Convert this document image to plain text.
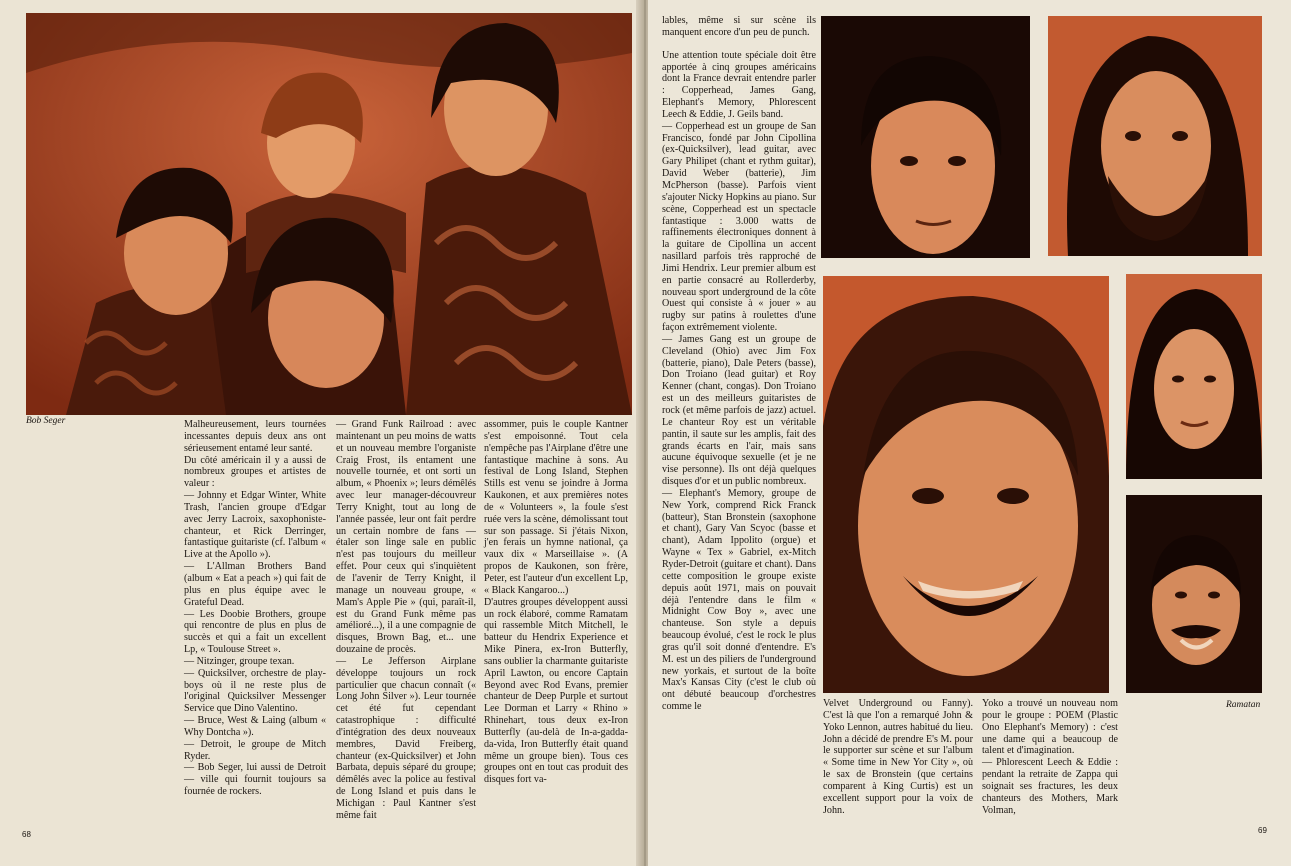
Bob Seger	Malheureusement, leurs tournées incessantes depuis deux ans ont sérieusement entamé leur santé.

Du côté américain il y a aussi de nombreux groupes et artistes de valeur :

— Johnny et Edgar Winter, White Trash, l'ancien groupe d'Edgar avec Jerry Lacroix, saxophoniste-chanteur, et Rick Derringer, fantastique guitariste (cf. l'album « Live at the Apollo »).

— L'Allman Brothers Band (album « Eat a peach ») qui fait de plus en plus équipe avec le Grateful Dead.

— Les Doobie Brothers, groupe qui rencontre de plus en plus de succès et qui a fait un excellent Lp, « Toulouse Street ».

— Nitzinger, groupe texan.

— Quicksilver, orchestre de play-boys où il ne reste plus de l'original Quicksilver Messenger Service que Dino Valentino.

— Bruce, West & Laing (album « Why Dontcha »).

— Detroit, le groupe de Mitch Ryder.

— Bob Seger, lui aussi de Detroit — ville qui fournit toujours sa fournée de rockers.

— Grand Funk Railroad : avec maintenant un peu moins de watts et un nouveau membre l'organiste Craig Frost, ils entament une nouvelle tournée, et ont sorti un album, « Phoenix »; leurs démêlés avec leur manager-découvreur Terry Knight, tout au long de l'année passée, leur ont fait perdre un certain nombre de fans — étaler son linge sale en public n'est pas toujours du meilleur effet. Pour ceux qui s'inquiètent de l'avenir de Terry Knight, il manage un nouveau groupe, « Mam's Apple Pie » (qui, paraît-il, est du Grand Funk même pas amélioré...), il a une compagnie de disques, Brown Bag, et... une douzaine de procès.

— Le Jefferson Airplane développe toujours un rock particulier que chacun connaît (« Long John Silver »). Leur tournée cet été fut cependant catastrophique : difficulté d'intégration des deux nouveaux membres, David Freiberg, chanteur (ex-Quicksilver) et John Barbata, depuis séparé du groupe; démêlés avec la police au festival de Long Island et puis dans le Michigan : Paul Kantner s'est même fait

assommer, puis le couple Kantner s'est empoisonné. Tout cela n'empêche pas l'Airplane d'être une fantastique machine à sons. Au festival de Long Island, Stephen Stills est venu se joindre à Jorma Kaukonen, et aux premières notes de « Volunteers », la foule s'est ruée vers la scène, démolissant tout sur son passage. Si j'étais Nixon, j'en ferais un hymne national, ça vaux dix « Marseillaise ». (A propos de Kaukonen, son frère, Peter, est l'auteur d'un excellent Lp, « Black Kangaroo...)

D'autres groupes développent aussi un rock élaboré, comme Ramatam qui rassemble Mitch Mitchell, le batteur du Hendrix Experience et Mike Pinera, ex-Iron Butterfly, sans oublier la charmante guitariste April Lawton, ou encore Captain Beyond avec Rod Evans, premier chanteur de Deep Purple et surtout Lee Dorman et Larry « Rhino » Rhinehart, tous deux ex-Iron Butterfly (au-delà de In-a-gadda-da-vida, Iron Butterfly était quand même un groupe bien). Tous ces groupes ont en tout cas produit des disques fort va-

68

lables, même si sur scène ils manquent encore d'un peu de punch.

Une attention toute spéciale doit être apportée à cinq groupes américains dont la France devrait entendre parler : Copperhead, James Gang, Elephant's Memory, Phlorescent Leech & Eddie, J. Geils band.

— Copperhead est un groupe de San Francisco, fondé par John Cipollina (ex-Quicksilver), lead guitar, avec Gary Philipet (chant et rythm guitar), David Weber (batterie), Jim McPherson (basse). Parfois vient s'ajouter Nicky Hopkins au piano. Sur scène, Copperhead est un spectacle fantastique : 3.000 watts de raffinements électroniques donnent à la guitare de Cipollina un accent nasillard parfois très rapproché de Jimi Hendrix. Leur premier album est en partie consacré au Rollerderby, nouveau sport underground de la côte Ouest qui consiste à « jouer » au rugby sur patins à roulettes d'une façon extrêmement violente.

— James Gang est un groupe de Cleveland (Ohio) avec Jim Fox (batterie, piano), Dale Peters (basse), Don Troiano (lead guitar) et Roy Kenner (chant, congas). Don Troiano est un des meilleurs guitaristes de rock (et même parfois de jazz) actuel. Le chanteur Roy est un véritable pantin, il saute sur les amplis, fait des grands écarts en l'air, mais sans aucune équivoque sexuelle (et je ne vise personne). Ils ont déjà quelques disques d'or et un public nombreux.

— Elephant's Memory, groupe de New York, comprend Rick Franck (batteur), Stan Bronstein (saxophone et chant), Gary Van Scyoc (basse et chant), Adam Ippolito (orgue) et Wayne « Tex » Gabriel, ex-Mitch Ryder-Detroit (guitare et chant). Dans cette composition le groupe existe depuis août 1971, mais on pouvait déjà l'entendre dans le film « Midnight Cow Boy », avec une chanteuse. Son style a depuis beaucoup évolué, c'est le rock le plus gras qu'il soit donné d'entendre. E's M. est un des piliers de l'underground new yorkais, et surtout de la boîte Max's Kansas City (c'est le club où ont débuté beaucoup d'orchestres comme le	Ramatan

Velvet Underground ou Fanny). C'est là que l'on a remarqué John & Yoko Lennon, autres habitué du lieu. John a décidé de prendre E's M. pour le supporter sur scène et sur l'album « Some time in New Yor City », où le sax de Bronstein (que certains comparent à King Curtis) est un excellent support pour la voix de John.

Yoko a trouvé un nouveau nom pour le groupe : POEM (Plastic Ono Elephant's Memory) : c'est une dame qui a beaucoup de talent et d'imagination.
— Phlorescent Leech & Eddie : pendant la retraite de Zappa qui soignait ses fractures, les deux chanteurs des Mothers, Mark Volman,

69
